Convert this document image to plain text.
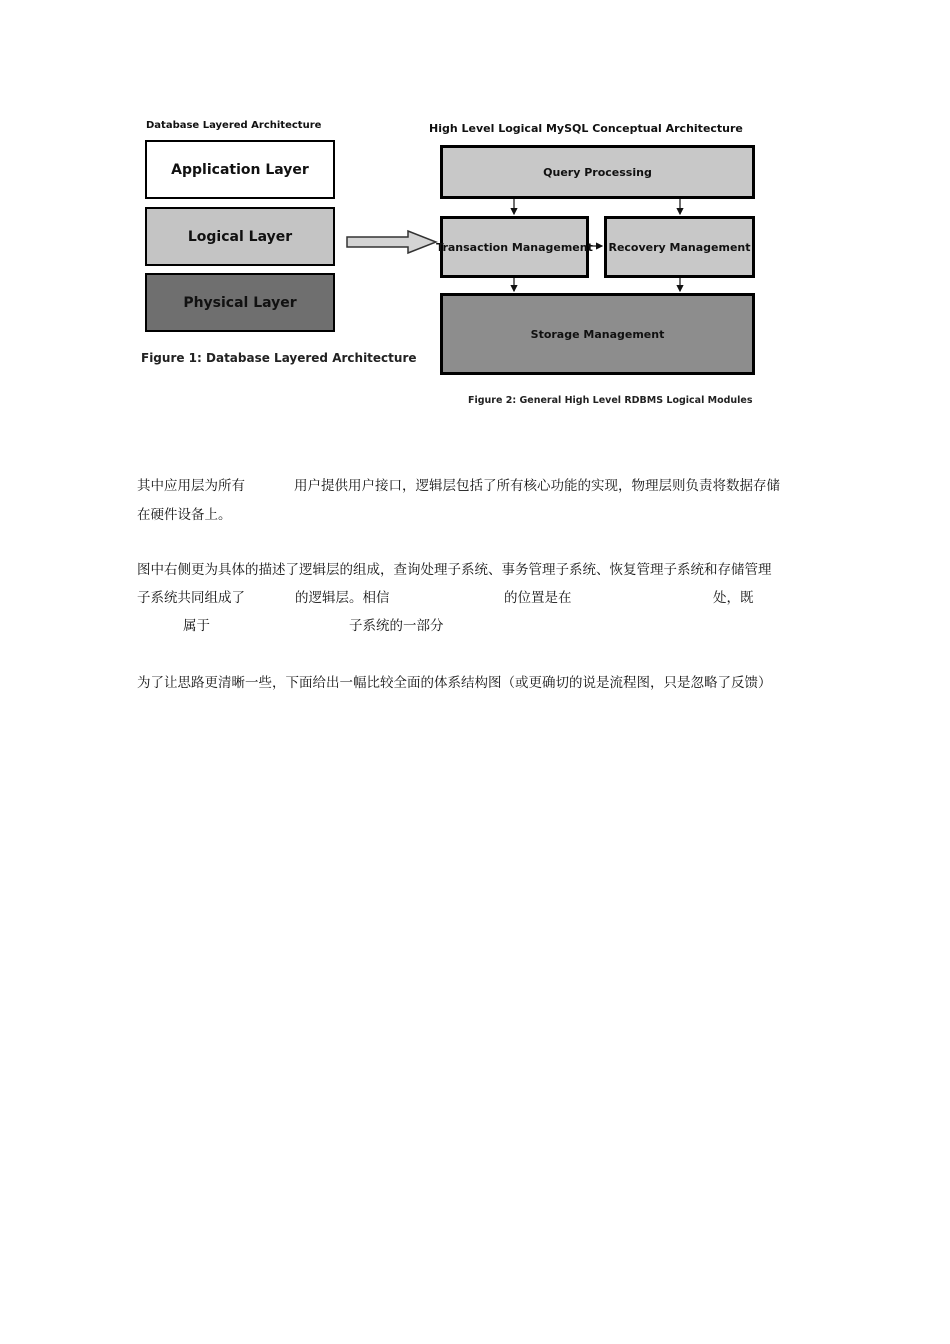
Database Layered Architecture
Application Layer
Logical Layer
Physical Layer
Figure 1: Database Layered Architecture
High Level Logical MySQL Conceptual Architecture
Query Processing
Transaction Management	Recovery Management
Storage Management
Figure 2: General High Level RDBMS Logical Modules
其中应用层为所有	用户提供用户接口，逻辑层包括了所有核心功能的实现，物理层则负责将数据存储
在硬件设备上。
图中右侧更为具体的描述了逻辑层的组成，查询处理子系统、事务管理子系统、恢复管理子系统和存储管理
子系统共同组成了	的逻辑层。相信	的位置是在	处，既
属于	子系统的一部分
为了让思路更清晰一些，下面给出一幅比较全面的体系结构图（或更确切的说是流程图，只是忽略了反馈）
